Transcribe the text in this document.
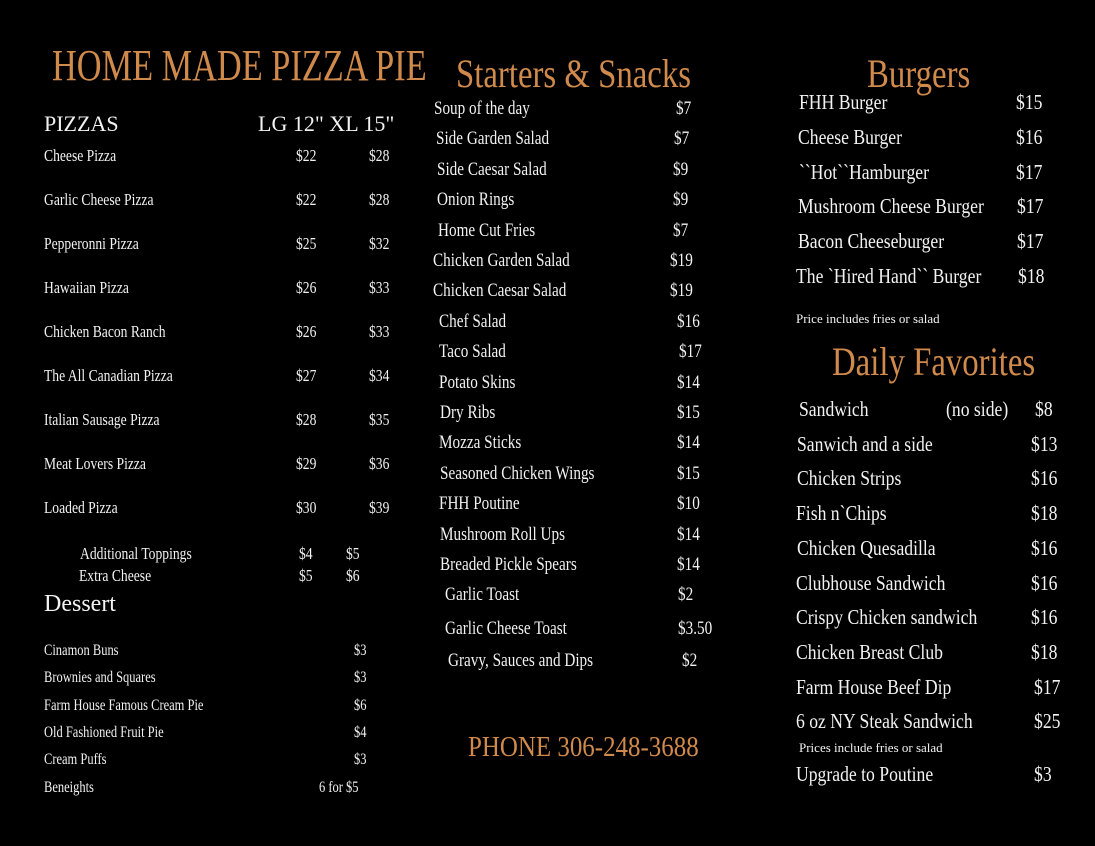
HOME MADE PIZZA PIE
PIZZAS	LG 12" XL 15"
Cheese Pizza	$22	$28
Garlic Cheese Pizza	$22	$28
Pepperonni Pizza	$25	$32
Hawaiian Pizza	$26	$33
Chicken Bacon Ranch	$26	$33
The All Canadian Pizza	$27	$34
Italian Sausage Pizza	$28	$35
Meat Lovers Pizza	$29	$36
Loaded Pizza	$30	$39
Additional Toppings	$4 $5
Extra Cheese	$5 $6
Dessert
Cinamon Buns	$3
Brownies and Squares	$3
Farm House Famous Cream Pie	$6
Old Fashioned Fruit Pie	$4
Cream Puffs	$3
Beneights	6 for $5
Starters & Snacks
Soup of the day	$7
Side Garden Salad	$7
Side Caesar Salad	$9
Onion Rings	$9
Home Cut Fries	$7
Chicken Garden Salad	$19
Chicken Caesar Salad	$19
Chef Salad	$16
Taco Salad	$17
Potato Skins	$14
Dry Ribs	$15
Mozza Sticks	$14
Seasoned Chicken Wings	$15
FHH Poutine	$10
Mushroom Roll Ups	$14
Breaded Pickle Spears	$14
Garlic Toast	$2
Garlic Cheese Toast	$3.50
Gravy, Sauces and Dips	$2
PHONE 306-248-3688
Burgers
FHH Burger	$15
Cheese Burger	$16
``Hot``Hamburger	$17
Mushroom Cheese Burger $17
Bacon Cheeseburger	$17
The `Hired Hand`` Burger $18
Price includes fries or salad
Daily Favorites
Sandwich	(no side) $8
Sanwich and a side	$13
Chicken Strips	$16
Fish n`Chips	$18
Chicken Quesadilla	$16
Clubhouse Sandwich	$16
Crispy Chicken sandwich	$16
Chicken Breast Club	$18
Farm House Beef Dip	$17
6 oz NY Steak Sandwich	$25
Prices include fries or salad
Upgrade to Poutine	$3
